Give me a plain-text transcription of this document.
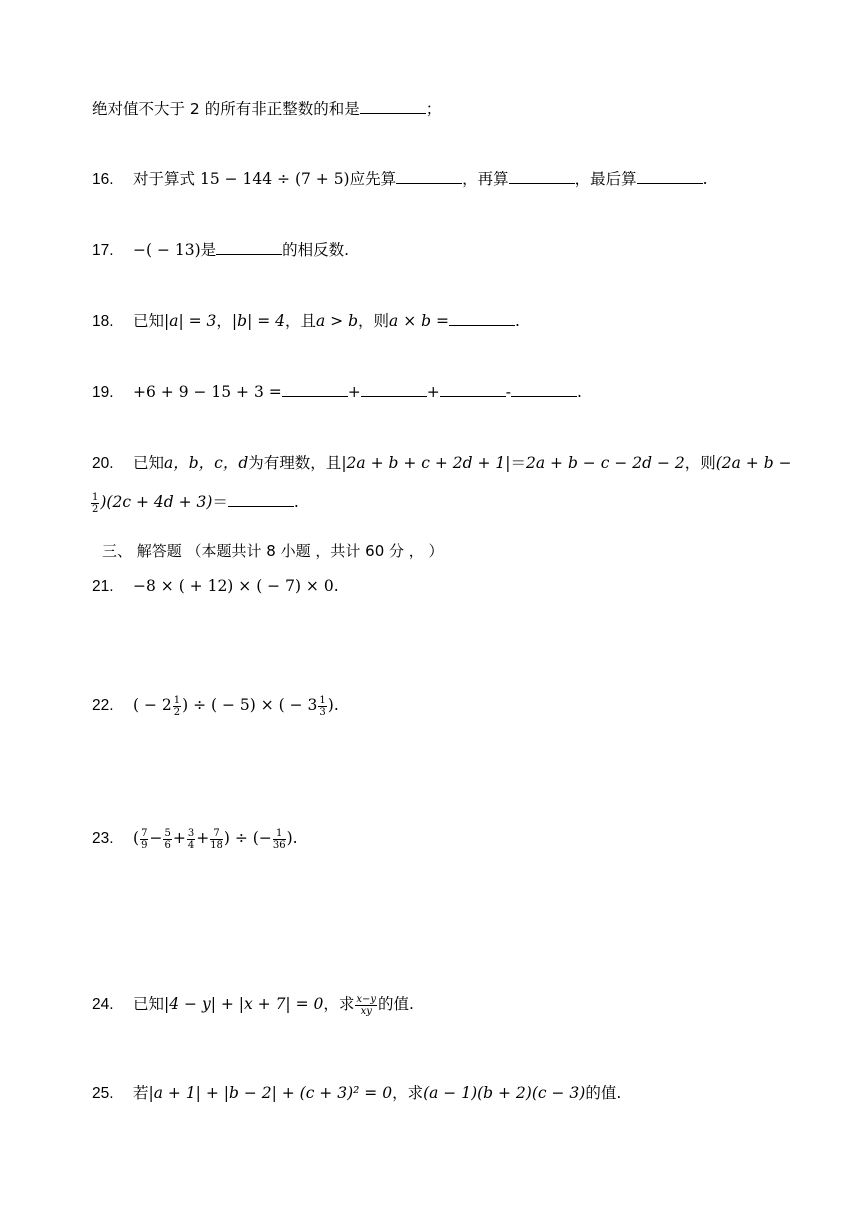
绝对值不大于 2 的所有非正整数的和是	；
16. 对于算式 15 − 144 ÷ (7 + 5)应先算	，再算	，最后算	.
17. −( − 13)是	的相反数.
18. 已知|a| = 3，|b| = 4，且a > b，则a × b =	.
19. +6 + 9 − 15 + 3 =	+	+	-	.
20. 已知a，b，c，d为有理数，且|2a + b + c + 2d + 1|＝2a + b − c − 2d − 2，则(2a + b −
$\frac{1}{2} )(2c + 4d + 3)=$	.
三、 解答题 （本题共计 8 小题 ，共计 60 分 ， ）
21. −8 × ( + 12) × ( − 7) × 0.
22. ( − $2 \frac{1}{2}$ ) ÷ ( − 5) × ( − $3 \frac{1}{3}$ ).
23. ( $\frac{7}{9} - \frac{5}{6} + \frac{3}{4} + \frac{7}{18}$ ) ÷ (− $\frac{1}{36}$ ).
24. 已知|4 − y| + |x + 7| = 0，求 $\frac{x-y}{xy}$ 的值.
25. 若|a + 1| + |b − 2| + (c + 3)² = 0，求(a − 1)(b + 2)(c − 3)的值.
